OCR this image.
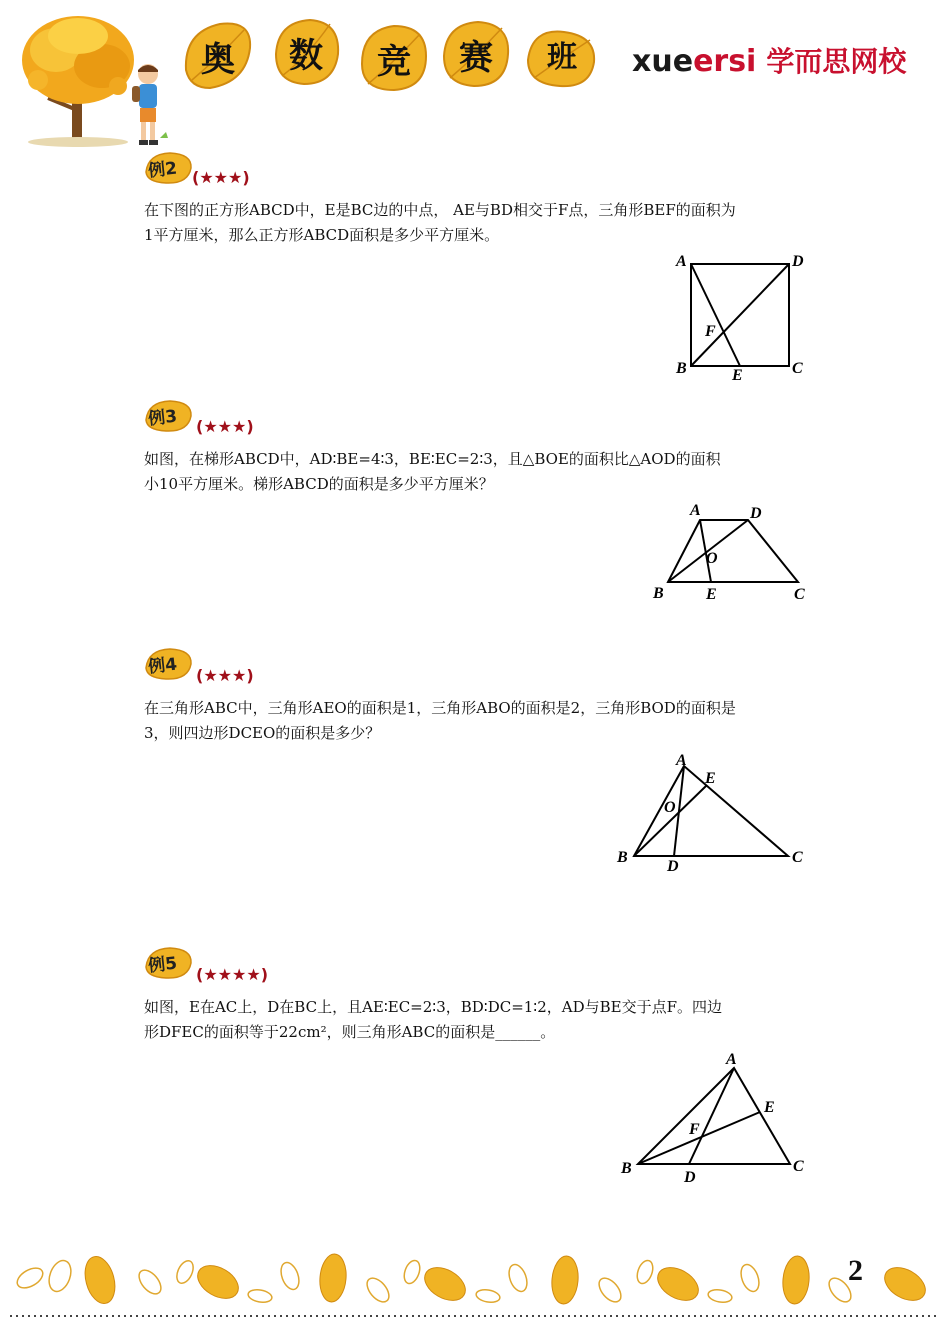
奥	数	竞	赛	班	xueersi 学而思网校
例2 (★★★)
在下图的正方形ABCD中，E是BC边的中点， AE与BD相交于F点，三角形BEF的面积为
1平方厘米，那么正方形ABCD面积是多少平方厘米。
A	D
F
B	E	C
例3 (★★★)
如图，在梯形ABCD中，AD∶BE=4∶3，BE∶EC=2∶3，且△BOE的面积比△AOD的面积
小10平方厘米。梯形ABCD的面积是多少平方厘米？
A	D
O
B	E	C
例4 (★★★)
在三角形ABC中，三角形AEO的面积是1，三角形ABO的面积是2，三角形BOD的面积是
3，则四边形DCEO的面积是多少？
A
E
O
B
D
C
例5 (★★★★)
如图，E在AC上，D在BC上，且AE∶EC=2∶3，BD∶DC=1∶2，AD与BE交于点F。四边
形DFEC的面积等于22cm²，则三角形ABC的面积是______。
A
E
F
B
D
C
2
